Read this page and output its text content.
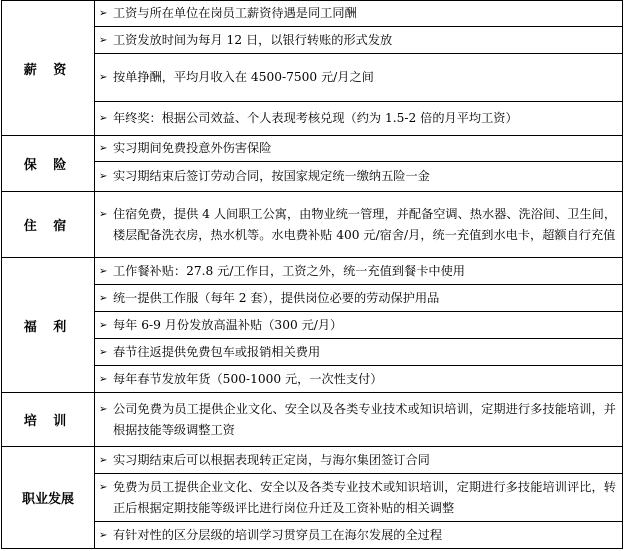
薪 资	➢ 工资与所在单位在岗员工薪资待遇是同工同酬

	➢ 工资发放时间为每月 12 日，以银行转账的形式发放

	➢ 按单挣酬，平均月收入在 4500-7500 元/月之间

	➢ 年终奖：根据公司效益、个人表现考核兑现（约为 1.5-2 倍的月平均工资）

保 险	➢ 实习期间免费投意外伤害保险

	➢ 实习期结束后签订劳动合同，按国家规定统一缴纳五险一金

住 宿	➢ 住宿免费，提供 4 人间职工公寓，由物业统一管理，并配备空调、热水器、洗浴间、卫生间，楼层配备洗衣房，热水机等。水电费补贴 400 元/宿舍/月，统一充值到水电卡，超额自行充值

福 利	➢ 工作餐补贴：27.8 元/工作日，工资之外，统一充值到餐卡中使用

	➢ 统一提供工作服（每年 2 套），提供岗位必要的劳动保护用品

	➢ 每年 6-9 月份发放高温补贴（300 元/月）

	➢ 春节往返提供免费包车或报销相关费用

	➢ 每年春节发放年货（500-1000 元，一次性支付）

培 训	➢ 公司免费为员工提供企业文化、安全以及各类专业技术或知识培训，定期进行多技能培训，并根据技能等级调整工资

职业发展	➢ 实习期结束后可以根据表现转正定岗，与海尔集团签订合同

	➢ 免费为员工提供企业文化、安全以及各类专业技术或知识培训，定期进行多技能培训评比，转正后根据定期技能等级评比进行岗位升迁及工资补贴的相关调整

	➢ 有针对性的区分层级的培训学习贯穿员工在海尔发展的全过程
